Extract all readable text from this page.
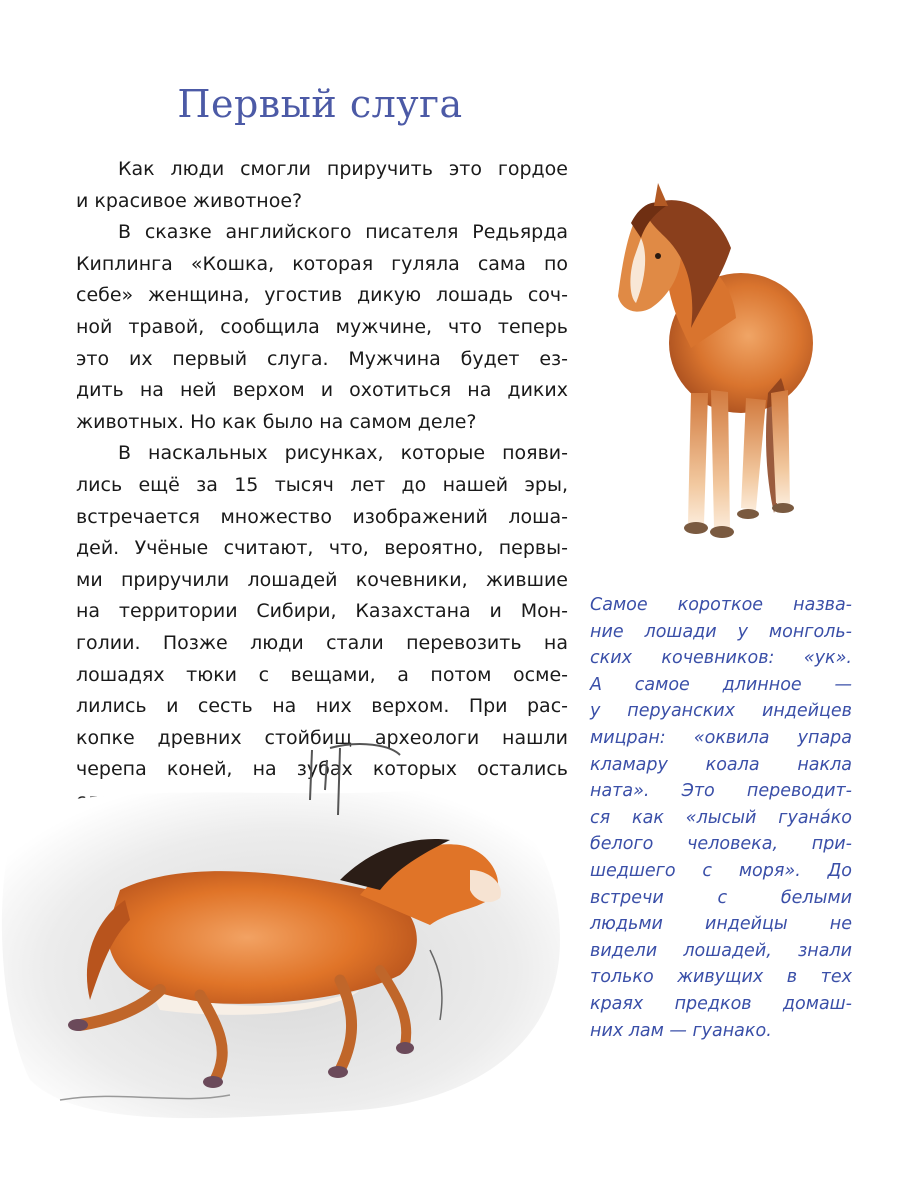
Первый слуга
Как люди смогли приручить это гордое
и красивое животное?
В сказке английского писателя Редьярда
Киплинга «Кошка, которая гуляла сама по
себе» женщина, угостив дикую лошадь соч-
ной травой, сообщила мужчине, что теперь
это их первый слуга. Мужчина будет ез-
дить на ней верхом и охотиться на диких
животных. Но как было на самом деле?
В наскальных рисунках, которые появи-
лись ещё за 15 тысяч лет до нашей эры,
встречается множество изображений лоша-
дей. Учёные считают, что, вероятно, первы-
ми приручили лошадей кочевники, жившие
на территории Сибири, Казахстана и Мон-
голии. Позже люди стали перевозить на
лошадях тюки с вещами, а потом осме-
лились и сесть на них верхом. При рас-
копке древних стойбищ археологи нашли
черепа коней, на зубах которых остались
Самое короткое назва-
ние лошади у монголь-
ских кочевников: «ук».
А самое длинное —
у перуанских индейцев
мицран: «оквила упара
кламару коала накла
ната». Это переводит-
ся как «лысый гуана́ко
белого человека, при-
шедшего с моря». До
встречи с белыми
людьми индейцы не
видели лошадей, знали
только живущих в тех
краях предков домаш-
них лам — гуанако.
